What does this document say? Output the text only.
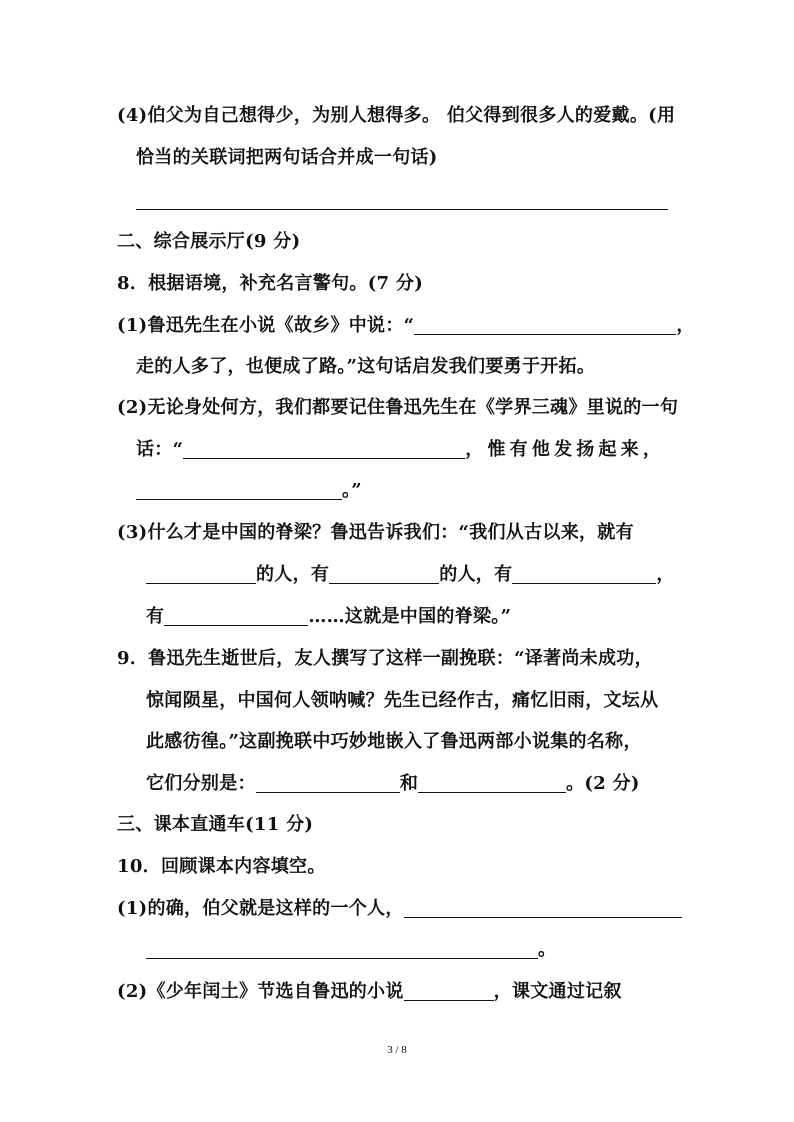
(4)伯父为自己想得少，为别人想得多。 伯父得到很多人的爱戴。(用
恰当的关联词把两句话合并成一句话)
二、综合展示厅(9 分)
8．根据语境，补充名言警句。(7 分)
(1)鲁迅先生在小说《故乡》中说：“	，
走的人多了，也便成了路。”这句话启发我们要勇于开拓。
(2)无论身处何方，我们都要记住鲁迅先生在《学界三魂》里说的一句
话：“	，惟有他发扬起来，
。”
(3)什么才是中国的脊梁？鲁迅告诉我们：“我们从古以来，就有
的人，有	的人，有	，
有	……这就是中国的脊梁。”
9．鲁迅先生逝世后，友人撰写了这样一副挽联：“译著尚未成功，
惊闻陨星，中国何人领呐喊？先生已经作古，痛忆旧雨，文坛从
此感彷徨。”这副挽联中巧妙地嵌入了鲁迅两部小说集的名称，
它们分别是：	和	。(2 分)
三、课本直通车(11 分)
10．回顾课本内容填空。
(1)的确，伯父就是这样的一个人，
。
(2)《少年闰土》节选自鲁迅的小说	，课文通过记叙
3 / 8
